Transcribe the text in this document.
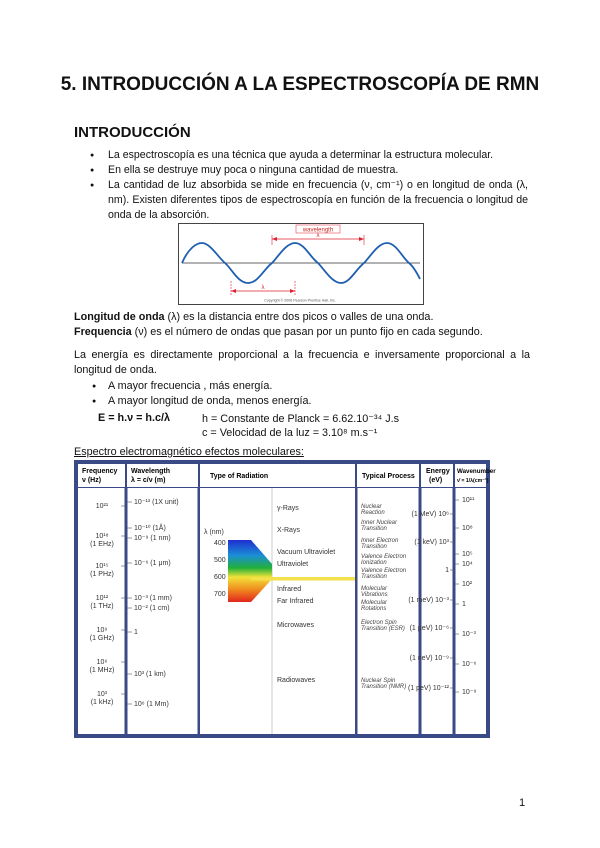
5. INTRODUCCIÓN A LA ESPECTROSCOPÍA DE RMN
INTRODUCCIÓN
● La espectroscopía es una técnica que ayuda a determinar la estructura molecular.
● En ella se destruye muy poca o ninguna cantidad de muestra.
● La cantidad de luz absorbida se mide en frecuencia (ν, cm⁻¹) o en longitud de onda (λ, nm). Existen diferentes tipos de espectroscopía en función de la frecuencia o longitud de onda de la absorción.
wavelength
λ
λ
Copyright © 2006 Pearson Prentice Hall, Inc.
Longitud de onda (λ) es la distancia entre dos picos o valles de una onda.
Frequencia (ν) es el número de ondas que pasan por un punto fijo en cada segundo.
La energía es directamente proporcional a la frecuencia e inversamente proporcional a la longitud de onda.
● A mayor frecuencia , más energía.
● A mayor longitud de onda, menos energía.
E = h.ν = h.c/λ	h = Constante de Planck = 6.62.10⁻³⁴ J.s
c = Velocidad de la luz = 3.10⁸ m.s⁻¹
Espectro electromagnético efectos moleculares:
Frequency
ν (Hz)
Wavelength
λ = c/ν (m)
Type of Radiation	Typical Process
Energy
(eV)
Wavenumber
ν̄ = 1/λ(cm⁻¹)
λ (nm)
400
500
600
700
10²¹
10¹⁸
(1 EHz)
10¹⁵
(1 PHz)
10¹²
(1 THz)
10⁹
(1 GHz)
10⁶
(1 MHz)
10³
(1 kHz)
10⁻¹³ (1X unit)
10⁻¹⁰ (1Å)
10⁻⁹ (1 nm)
10⁻⁶ (1 μm)
10⁻³ (1 mm)
10⁻² (1 cm)
1
10³ (1 km)
10⁶ (1 Mm)
γ-Rays
X-Rays
Vacuum Ultraviolet
Ultraviolet
Infrared
Far Infrared
Microwaves
Radiowaves
Nuclear
Reaction
Inner Nuclear
Transition
Inner Electron
Transition
Valence Electron
Ionization
Valence Electron
Transition
Molecular
Vibrations
Molecular
Rotations
Electron Spin
Transition (ESR)
Nuclear Spin
Transition (NMR)
(1 MeV) 10⁶
(1 keV) 10³
1
(1 meV) 10⁻³
(1 μeV) 10⁻⁶
(1 neV) 10⁻⁹
(1 peV) 10⁻¹²
10¹¹
10⁸
10⁵
10⁴
10²
1
10⁻³
10⁻⁶
10⁻⁹
1
